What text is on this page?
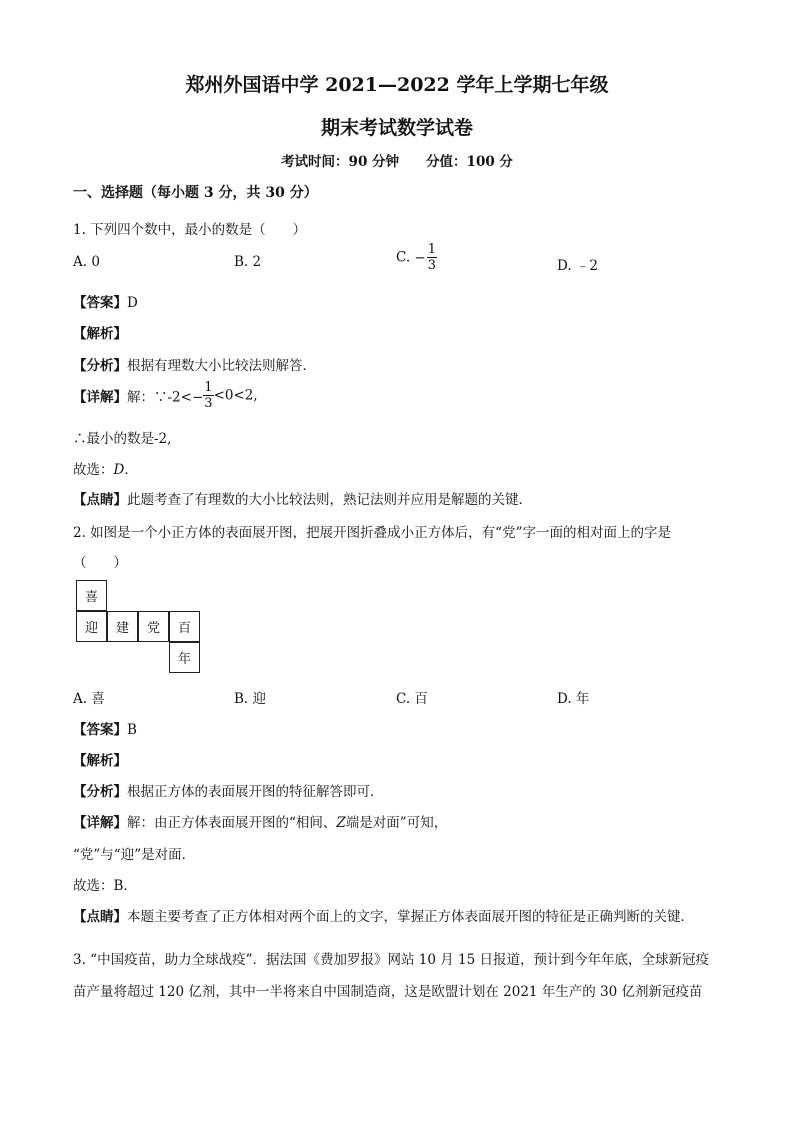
郑州外国语中学 2021—2022 学年上学期七年级
期末考试数学试卷
考试时间：90 分钟　　分值：100 分
一、选择题（每小题 3 分，共 30 分）
1. 下列四个数中，最小的数是（　　）
A. 0	B. 2	C. − $\frac{1}{3}$	D. ﹣2
【答案】D
【解析】
【分析】根据有理数大小比较法则解答．
【详解】解：∵-2<− $\frac{1}{3} <0<2$,
∴最小的数是-2,
故选：D．
【点睛】此题考查了有理数的大小比较法则，熟记法则并应用是解题的关键．
2. 如图是一个小正方体的表面展开图，把展开图折叠成小正方体后，有“党”字一面的相对面上的字是
（　　）
喜
迎	建	党	百
年
A. 喜	B. 迎	C. 百	D. 年
【答案】B
【解析】
【分析】根据正方体的表面展开图的特征解答即可．
【详解】解：由正方体表面展开图的“相间、Z端是对面”可知，
“党”与“迎”是对面．
故选：B．
【点睛】本题主要考查了正方体相对两个面上的文字，掌握正方体表面展开图的特征是正确判断的关键．
3. “中国疫苗，助力全球战疫”．据法国《费加罗报》网站 10 月 15 日报道，预计到今年年底，全球新冠疫
苗产量将超过 120 亿剂，其中一半将来自中国制造商，这是欧盟计划在 2021 年生产的 30 亿剂新冠疫苗
